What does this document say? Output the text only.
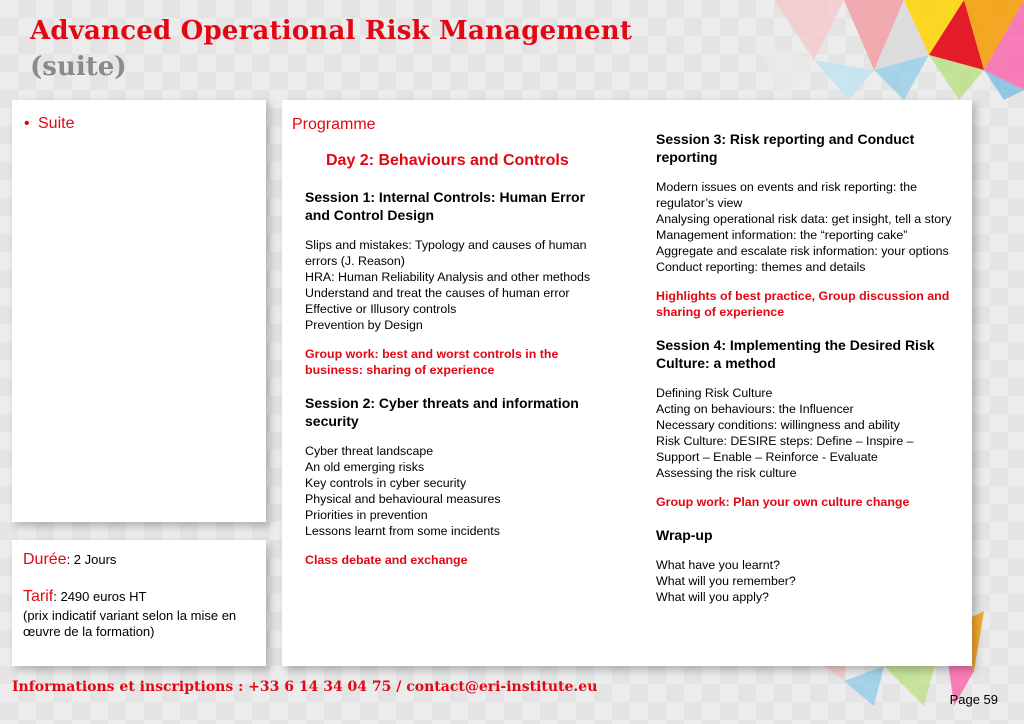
Advanced Operational Risk Management
(suite)
• Suite
Durée: 2 Jours
Tarif: 2490 euros HT
(prix indicatif variant selon la mise en
œuvre de la formation)
Programme
Day 2: Behaviours and Controls
Session 1: Internal Controls: Human Error and Control Design
Slips and mistakes: Typology and causes of human errors (J. Reason)
HRA: Human Reliability Analysis and other methods
Understand and treat the causes of human error
Effective or Illusory controls
Prevention by Design
Group work: best and worst controls in the business: sharing of experience
Session 2: Cyber threats and information security
Cyber threat landscape
An old emerging risks
Key controls in cyber security
Physical and behavioural measures
Priorities in prevention
Lessons learnt from some incidents
Class debate and exchange
Session 3: Risk reporting and Conduct reporting
Modern issues on events and risk reporting: the regulator’s view
Analysing operational risk data: get insight, tell a story
Management information: the “reporting cake”
Aggregate and escalate risk information: your options
Conduct reporting: themes and details
Highlights of best practice, Group discussion and sharing of experience
Session 4: Implementing the Desired Risk Culture: a method
Defining Risk Culture
Acting on behaviours: the Influencer
Necessary conditions: willingness and ability
Risk Culture: DESIRE steps: Define – Inspire – Support – Enable – Reinforce - Evaluate
Assessing the risk culture
Group work: Plan your own culture change
Wrap-up
What have you learnt?
What will you remember?
What will you apply?
Informations et inscriptions : +33 6 14 34 04 75 / contact@eri-institute.eu
Page 59
